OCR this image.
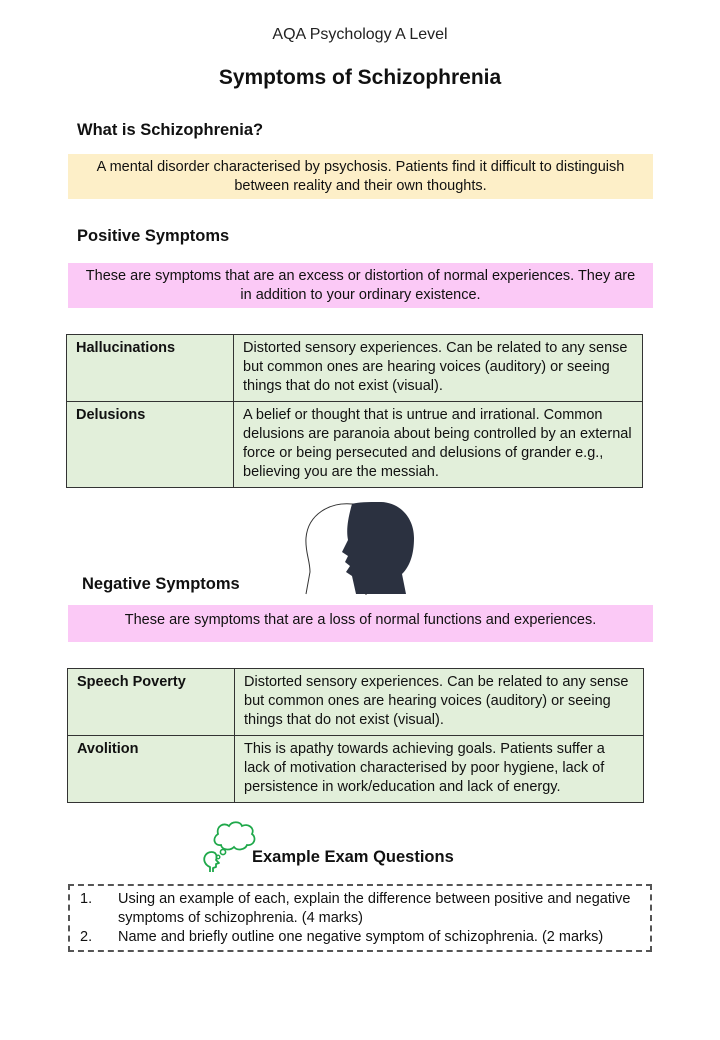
AQA Psychology A Level
Symptoms of Schizophrenia
What is Schizophrenia?
A mental disorder characterised by psychosis. Patients find it difficult to distinguish between reality and their own thoughts.
Positive Symptoms
These are symptoms that are an excess or distortion of normal experiences. They are in addition to your ordinary existence.
Hallucinations	Distorted sensory experiences. Can be related to any sense but common ones are hearing voices (auditory) or seeing things that do not exist (visual).
Delusions	A belief or thought that is untrue and irrational. Common delusions are paranoia about being controlled by an external force or being persecuted and delusions of grander e.g., believing you are the messiah.
Negative Symptoms
These are symptoms that are a loss of normal functions and experiences.
Speech Poverty	Distorted sensory experiences. Can be related to any sense but common ones are hearing voices (auditory) or seeing things that do not exist (visual).
Avolition	This is apathy towards achieving goals. Patients suffer a lack of motivation characterised by poor hygiene, lack of persistence in work/education and lack of energy.
Example Exam Questions
1.	Using an example of each, explain the difference between positive and negative symptoms of schizophrenia. (4 marks)
2.	Name and briefly outline one negative symptom of schizophrenia. (2 marks)
